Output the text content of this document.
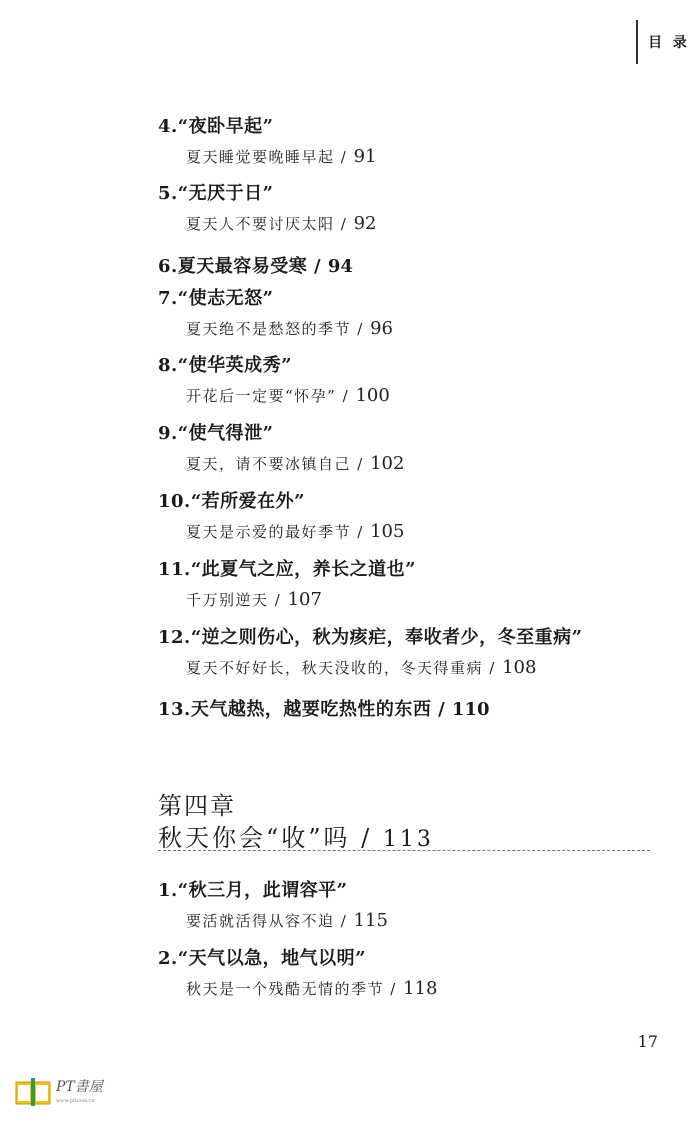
目 录
4.“夜卧早起”
夏天睡觉要晚睡早起 / 91
5.“无厌于日”
夏天人不要讨厌太阳 / 92
6.夏天最容易受寒 / 94
7.“使志无怒”
夏天绝不是愁怒的季节 / 96
8.“使华英成秀”
开花后一定要“怀孕” / 100
9.“使气得泄”
夏天，请不要冰镇自己 / 102
10.“若所爱在外”
夏天是示爱的最好季节 / 105
11.“此夏气之应，养长之道也”
千万别逆天 / 107
12.“逆之则伤心，秋为痎疟，奉收者少，冬至重病”
夏天不好好长，秋天没收的，冬天得重病 / 108
13.天气越热，越要吃热性的东西 / 110
第四章
秋天你会“收”吗 / 113
1.“秋三月，此谓容平”
要活就活得从容不迫 / 115
2.“天气以急，地气以明”
秋天是一个残酷无情的季节 / 118
17
PT書屋
www.ptbook.cn
